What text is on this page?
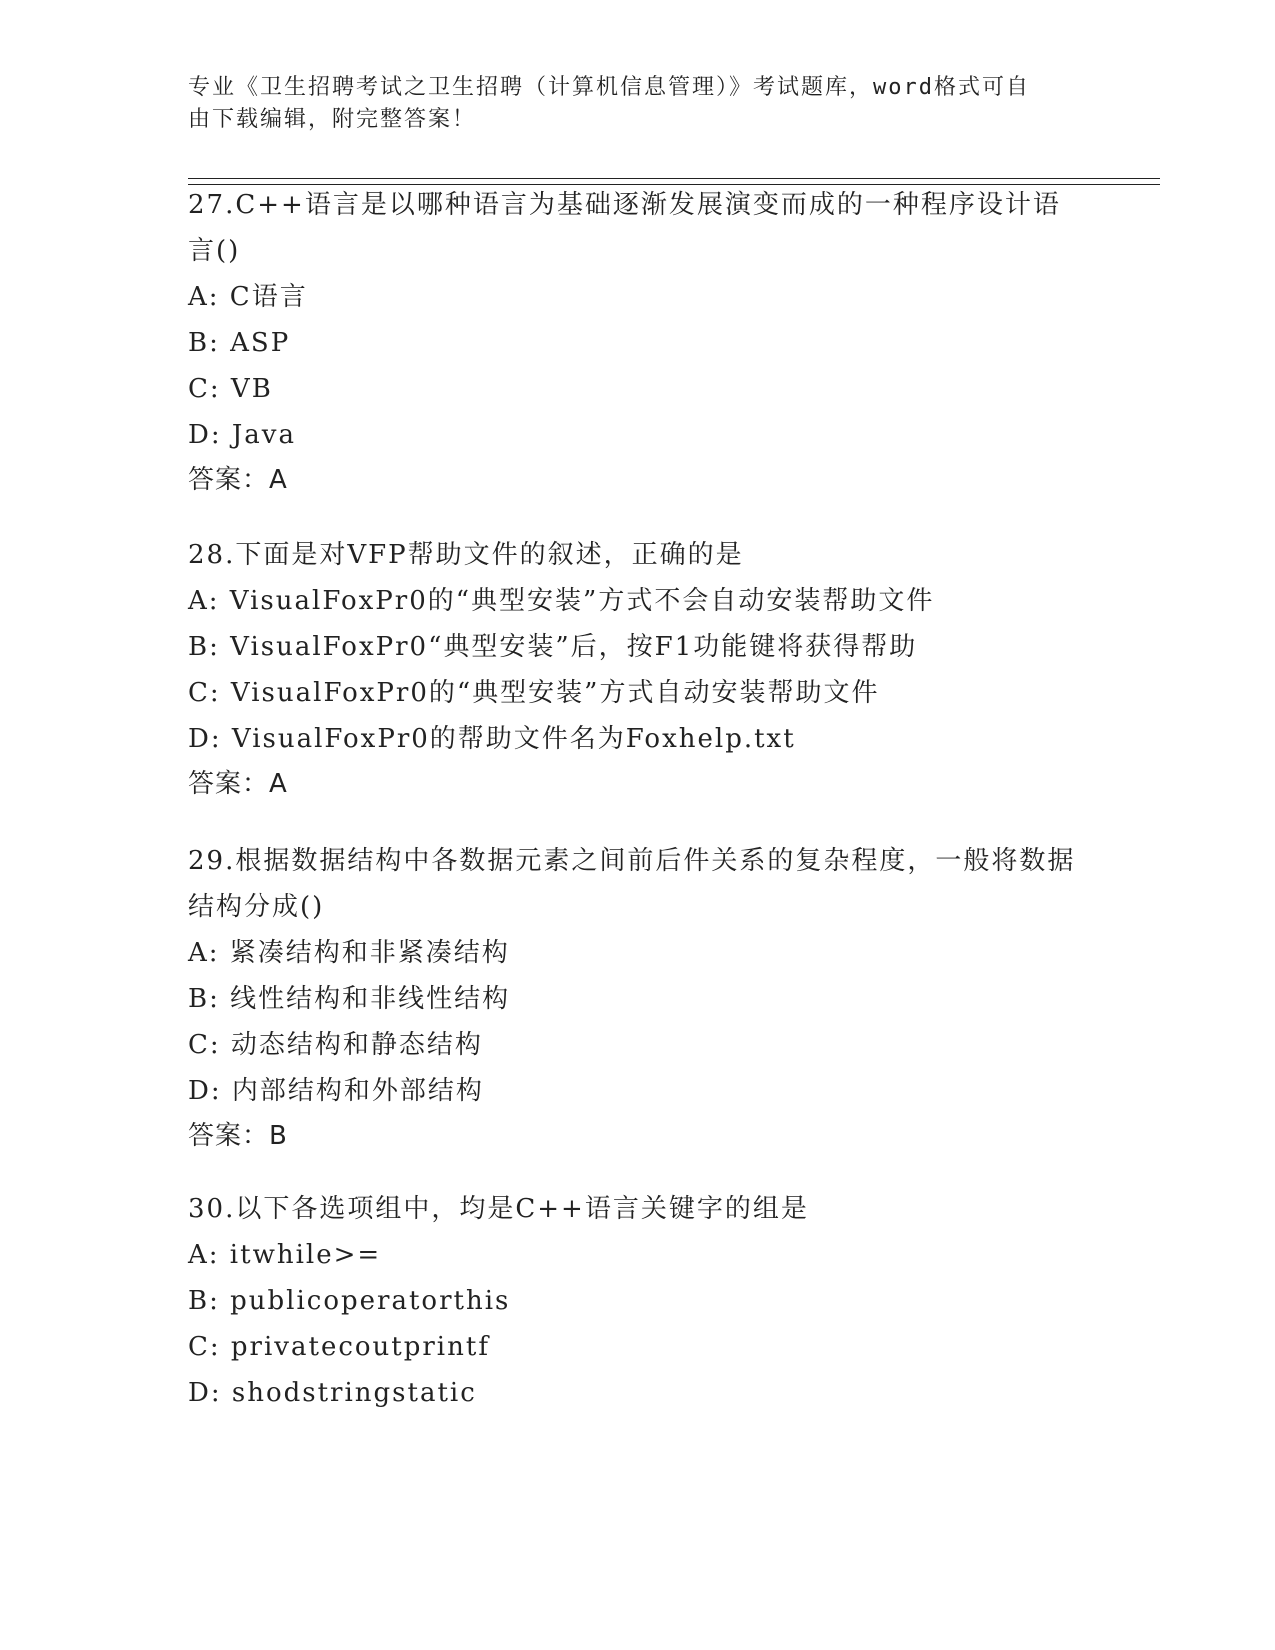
专业《卫生招聘考试之卫生招聘（计算机信息管理）》考试题库，word格式可自
由下载编辑，附完整答案！

27.C++语言是以哪种语言为基础逐渐发展演变而成的一种程序设计语言()

A: C语言

B: ASP

C: VB

D: Java

答案：A

28.下面是对VFP帮助文件的叙述，正确的是

A: VisualFoxPr0的“典型安装”方式不会自动安装帮助文件

B: VisualFoxPr0“典型安装”后，按F1功能键将获得帮助

C: VisualFoxPr0的“典型安装”方式自动安装帮助文件

D: VisualFoxPr0的帮助文件名为Foxhelp.txt

答案：A

29.根据数据结构中各数据元素之间前后件关系的复杂程度，一般将数据结构分成()

A: 紧凑结构和非紧凑结构

B: 线性结构和非线性结构

C: 动态结构和静态结构

D: 内部结构和外部结构

答案：B

30.以下各选项组中，均是C++语言关键字的组是

A: itwhile>=

B: publicoperatorthis

C: privatecoutprintf

D: shodstringstatic
